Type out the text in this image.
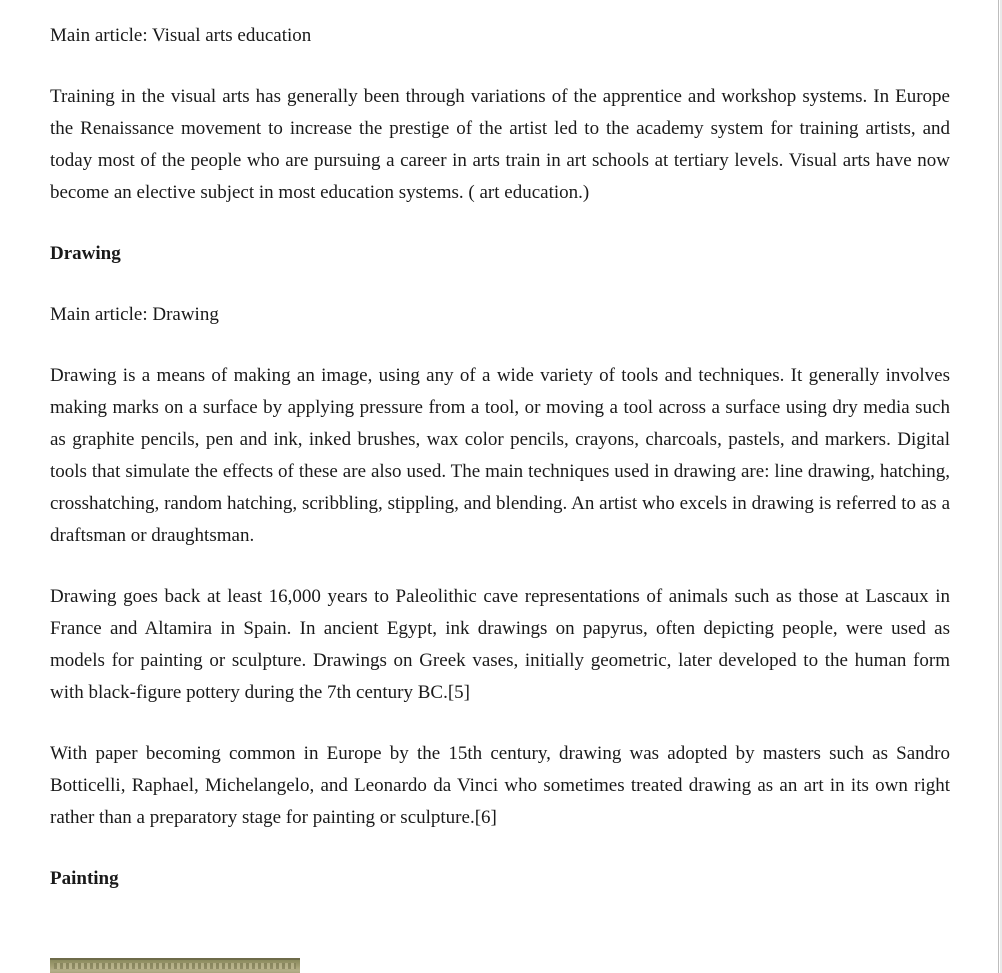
Main article: Visual arts education

Training in the visual arts has generally been through variations of the apprentice and workshop systems. In Europe the Renaissance movement to increase the prestige of the artist led to the academy system for training artists, and today most of the people who are pursuing a career in arts train in art schools at tertiary levels. Visual arts have now become an elective subject in most education systems. ( art education.)

Drawing

Main article: Drawing

Drawing is a means of making an image, using any of a wide variety of tools and techniques. It generally involves making marks on a surface by applying pressure from a tool, or moving a tool across a surface using dry media such as graphite pencils, pen and ink, inked brushes, wax color pencils, crayons, charcoals, pastels, and markers. Digital tools that simulate the effects of these are also used. The main techniques used in drawing are: line drawing, hatching, crosshatching, random hatching, scribbling, stippling, and blending. An artist who excels in drawing is referred to as a draftsman or draughtsman.

Drawing goes back at least 16,000 years to Paleolithic cave representations of animals such as those at Lascaux in France and Altamira in Spain. In ancient Egypt, ink drawings on papyrus, often depicting people, were used as models for painting or sculpture. Drawings on Greek vases, initially geometric, later developed to the human form with black-figure pottery during the 7th century BC.[5]

With paper becoming common in Europe by the 15th century, drawing was adopted by masters such as Sandro Botticelli, Raphael, Michelangelo, and Leonardo da Vinci who sometimes treated drawing as an art in its own right rather than a preparatory stage for painting or sculpture.[6]

Painting
